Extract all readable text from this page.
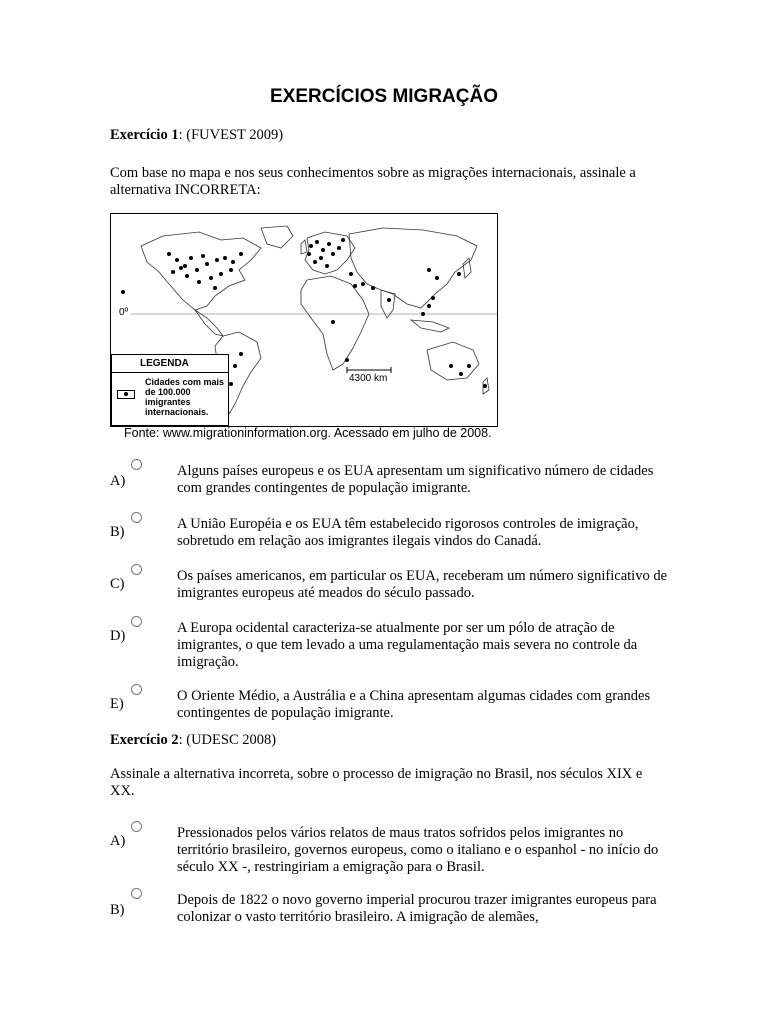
EXERCÍCIOS MIGRAÇÃO

Exercício 1: (FUVEST 2009)

Com base no mapa e nos seus conhecimentos sobre as migrações internacionais, assinale a alternativa INCORRETA:

0º
4300 km
LEGENDA
Cidades com mais de 100.000 imigrantes internacionais.
Fonte: www.migrationinformation.org. Acessado em julho de 2008.
A)
Alguns países europeus e os EUA apresentam um significativo número de cidades com grandes contingentes de população imigrante.
B)	A União Européia e os EUA têm estabelecido rigorosos controles de imigração, sobretudo em relação aos imigrantes ilegais vindos do Canadá.
C)	Os países americanos, em particular os EUA, receberam um número significativo de imigrantes europeus até meados do século passado.
D)	A Europa ocidental caracteriza-se atualmente por ser um pólo de atração de imigrantes, o que tem levado a uma regulamentação mais severa no controle da imigração.
E)	O Oriente Médio, a Austrália e a China apresentam algumas cidades com grandes contingentes de população imigrante.

Exercício 2: (UDESC 2008)

Assinale a alternativa incorreta, sobre o processo de imigração no Brasil, nos séculos XIX e XX.

A)	Pressionados pelos vários relatos de maus tratos sofridos pelos imigrantes no território brasileiro, governos europeus, como o italiano e o espanhol - no início do século XX -, restringiriam a emigração para o Brasil.
B)
Depois de 1822 o novo governo imperial procurou trazer imigrantes europeus para colonizar o vasto território brasileiro. A imigração de alemães,
